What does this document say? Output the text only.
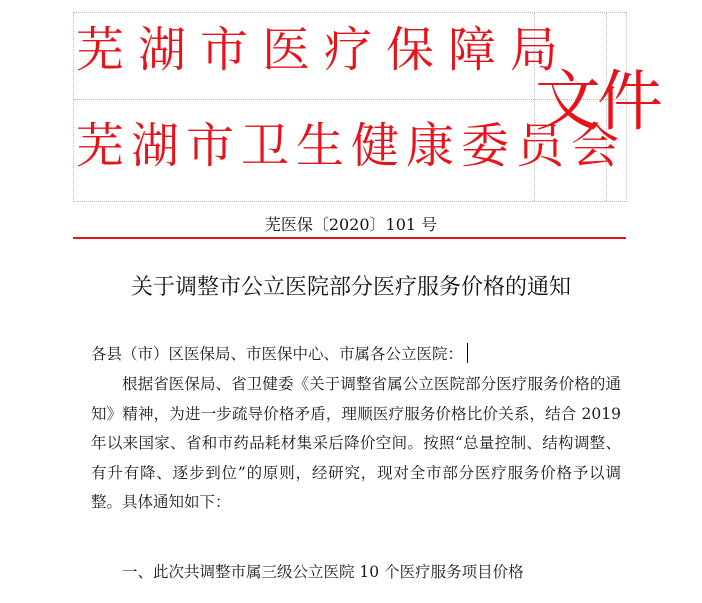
芜湖市医疗保障局
芜湖市卫生健康委员会
文件
芜医保〔2020〕101 号
关于调整市公立医院部分医疗服务价格的通知
各县（市）区医保局、市医保中心、市属各公立医院：
根据省医保局、省卫健委《关于调整省属公立医院部分医疗服务价格的通知》精神，为进一步疏导价格矛盾，理顺医疗服务价格比价关系，结合 2019 年以来国家、省和市药品耗材集采后降价空间。按照“总量控制、结构调整、有升有降、逐步到位”的原则，经研究，现对全市部分医疗服务价格予以调整。具体通知如下：
一、此次共调整市属三级公立医院 10 个医疗服务项目价格
